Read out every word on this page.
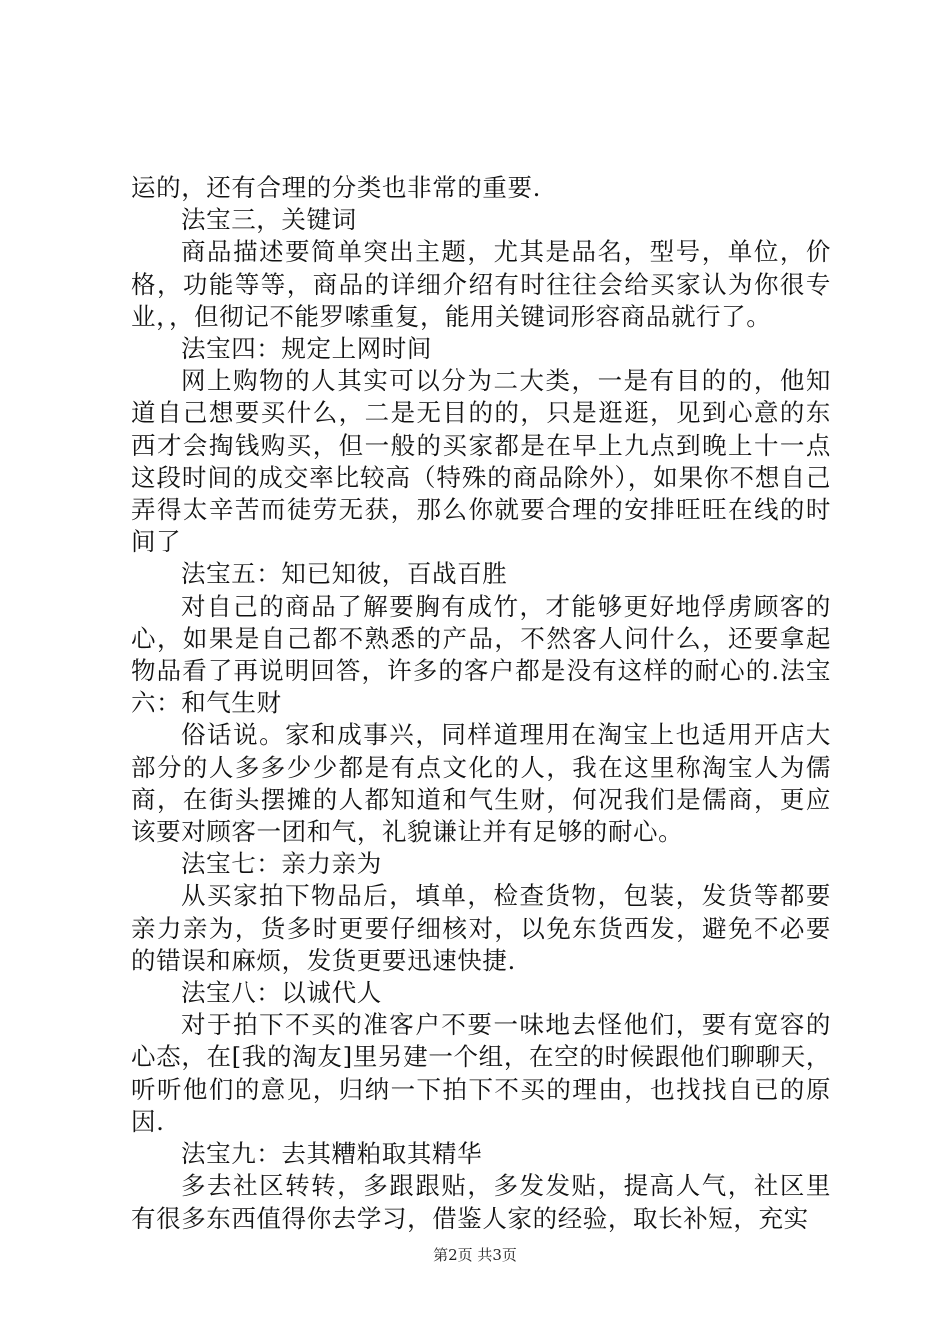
运的，还有合理的分类也非常的重要.

法宝三，关键词

商品描述要简单突出主题，尤其是品名，型号，单位，价格，功能等等，商品的详细介绍有时往往会给买家认为你很专业，，但彻记不能罗嗦重复，能用关键词形容商品就行了。

法宝四：规定上网时间

网上购物的人其实可以分为二大类，一是有目的的，他知道自己想要买什么，二是无目的的，只是逛逛，见到心意的东西才会掏钱购买，但一般的买家都是在早上九点到晚上十一点这段时间的成交率比较高（特殊的商品除外），如果你不想自己弄得太辛苦而徒劳无获，那么你就要合理的安排旺旺在线的时间了

法宝五：知已知彼，百战百胜

对自己的商品了解要胸有成竹，才能够更好地俘虏顾客的心，如果是自己都不熟悉的产品，不然客人问什么，还要拿起物品看了再说明回答，许多的客户都是没有这样的耐心的.法宝六：和气生财

俗话说。家和成事兴，同样道理用在淘宝上也适用开店大部分的人多多少少都是有点文化的人，我在这里称淘宝人为儒商，在街头摆摊的人都知道和气生财，何况我们是儒商，更应该要对顾客一团和气，礼貌谦让并有足够的耐心。

法宝七：亲力亲为

从买家拍下物品后，填单，检查货物，包装，发货等都要亲力亲为，货多时更要仔细核对，以免东货西发，避免不必要的错误和麻烦，发货更要迅速快捷.

法宝八：以诚代人

对于拍下不买的准客户不要一味地去怪他们，要有宽容的心态，在[我的淘友]里另建一个组，在空的时候跟他们聊聊天，听听他们的意见，归纳一下拍下不买的理由，也找找自已的原因.

法宝九：去其糟粕取其精华

多去社区转转，多跟跟贴，多发发贴，提高人气，社区里有很多东西值得你去学习，借鉴人家的经验，取长补短，充实

第2页 共3页
